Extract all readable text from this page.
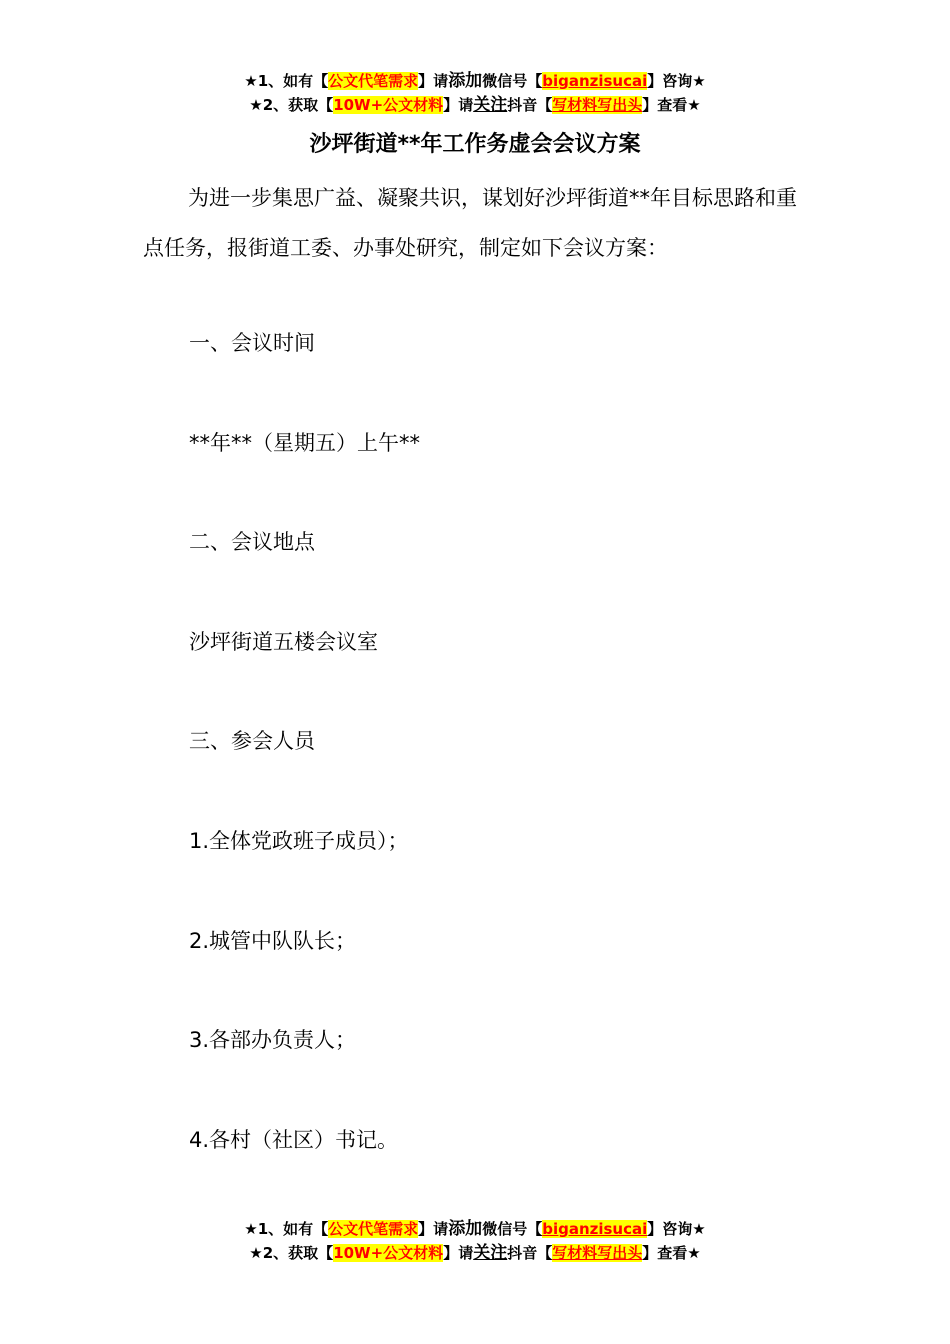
★1、如有【公文代笔需求】请添加微信号【biganzisucai】咨询★
★2、获取【10W+公文材料】请关注抖音【写材料写出头】查看★
沙坪街道**年工作务虚会会议方案

为进一步集思广益、凝聚共识，谋划好沙坪街道**年目标思路和重点任务，报街道工委、办事处研究，制定如下会议方案：

一、会议时间

**年**（星期五）上午**

二、会议地点

沙坪街道五楼会议室

三、参会人员

1.全体党政班子成员）；

2.城管中队队长；

3.各部办负责人；

4.各村（社区）书记。

★1、如有【公文代笔需求】请添加微信号【biganzisucai】咨询★
★2、获取【10W+公文材料】请关注抖音【写材料写出头】查看★
